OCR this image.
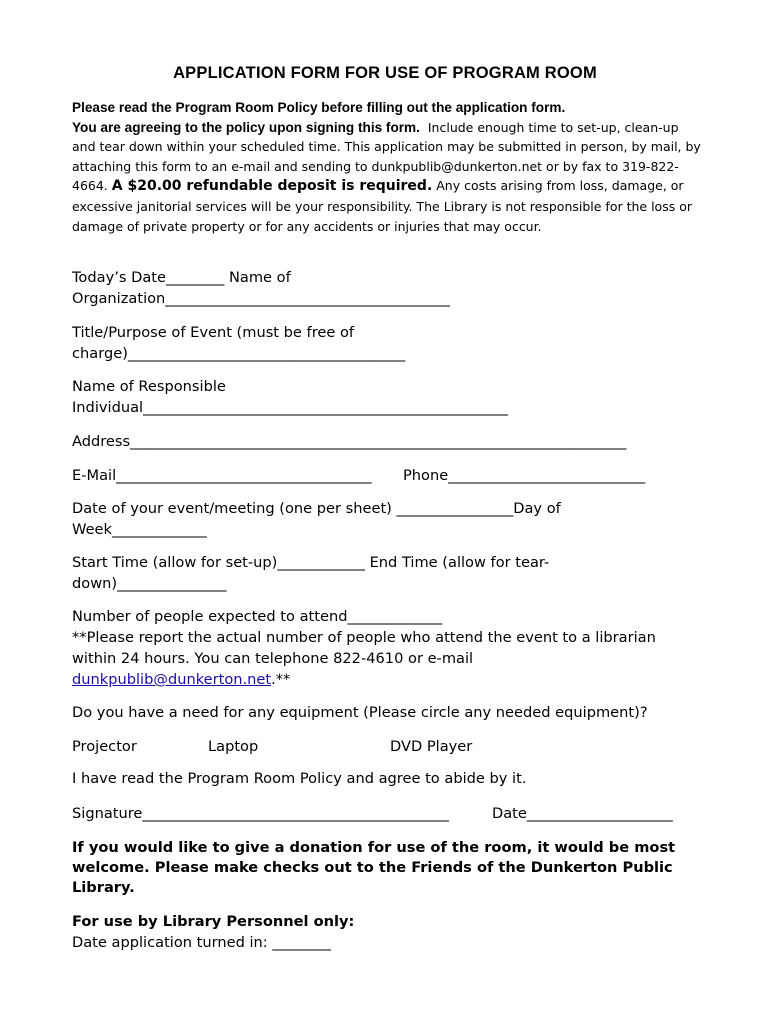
APPLICATION FORM FOR USE OF PROGRAM ROOM
Please read the Program Room Policy before filling out the application form.
You are agreeing to the policy upon signing this form. Include enough time to set-up, clean-up and tear down within your scheduled time. This application may be submitted in person, by mail, by attaching this form to an e-mail and sending to dunkpublib@dunkerton.net or by fax to 319-822-4664. A $20.00 refundable deposit is required. Any costs arising from loss, damage, or excessive janitorial services will be your responsibility. The Library is not responsible for the loss or damage of private property or for any accidents or injuries that may occur.
Today’s Date________ Name of
Organization_______________________________________
Title/Purpose of Event (must be free of
charge)______________________________________
Name of Responsible
Individual__________________________________________________
Address____________________________________________________________________
E-Mail___________________________________ Phone___________________________
Date of your event/meeting (one per sheet) ________________Day of
Week_____________
Start Time (allow for set-up)____________ End Time (allow for tear-
down)_______________
Number of people expected to attend_____________
**Please report the actual number of people who attend the event to a librarian
within 24 hours. You can telephone 822-4610 or e-mail
dunkpublib@dunkerton.net.**
Do you have a need for any equipment (Please circle any needed equipment)?
Projector	Laptop	DVD Player
I have read the Program Room Policy and agree to abide by it.
Signature__________________________________________	Date____________________
If you would like to give a donation for use of the room, it would be most
welcome. Please make checks out to the Friends of the Dunkerton Public
Library.
For use by Library Personnel only:
Date application turned in: ________
